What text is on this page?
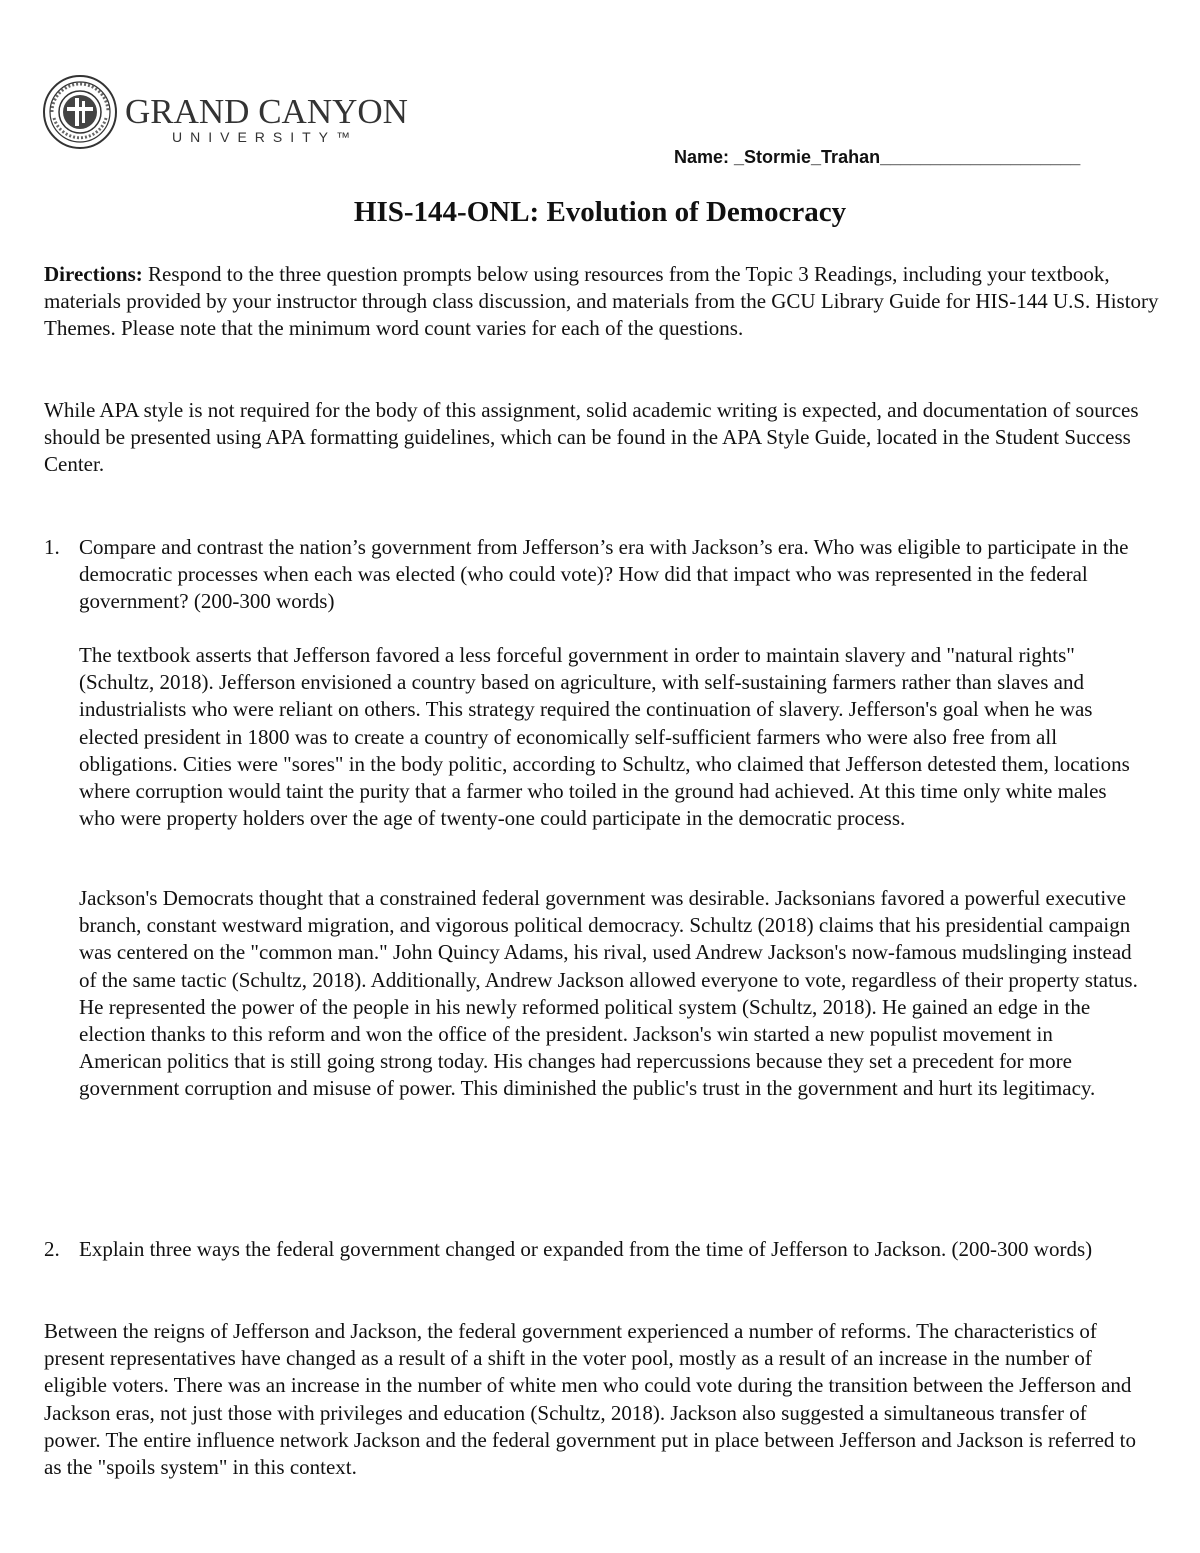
GRAND CANYON
UNIVERSITY™
Name: _Stormie_Trahan____________________
HIS-144-ONL: Evolution of Democracy

Directions: Respond to the three question prompts below using resources from the Topic 3 Readings, including your textbook, materials provided by your instructor through class discussion, and materials from the GCU Library Guide for HIS-144 U.S. History Themes. Please note that the minimum word count varies for each of the questions.

While APA style is not required for the body of this assignment, solid academic writing is expected, and documentation of sources should be presented using APA formatting guidelines, which can be found in the APA Style Guide, located in the Student Success Center.

1. Compare and contrast the nation’s government from Jefferson’s era with Jackson’s era. Who was eligible to participate in the democratic processes when each was elected (who could vote)? How did that impact who was represented in the federal government? (200-300 words)

The textbook asserts that Jefferson favored a less forceful government in order to maintain slavery and "natural rights" (Schultz, 2018). Jefferson envisioned a country based on agriculture, with self-sustaining farmers rather than slaves and industrialists who were reliant on others. This strategy required the continuation of slavery. Jefferson's goal when he was elected president in 1800 was to create a country of economically self-sufficient farmers who were also free from all obligations. Cities were "sores" in the body politic, according to Schultz, who claimed that Jefferson detested them, locations where corruption would taint the purity that a farmer who toiled in the ground had achieved. At this time only white males who were property holders over the age of twenty-one could participate in the democratic process.

Jackson's Democrats thought that a constrained federal government was desirable. Jacksonians favored a powerful executive branch, constant westward migration, and vigorous political democracy. Schultz (2018) claims that his presidential campaign was centered on the "common man." John Quincy Adams, his rival, used Andrew Jackson's now-famous mudslinging instead of the same tactic (Schultz, 2018). Additionally, Andrew Jackson allowed everyone to vote, regardless of their property status. He represented the power of the people in his newly reformed political system (Schultz, 2018). He gained an edge in the election thanks to this reform and won the office of the president. Jackson's win started a new populist movement in American politics that is still going strong today. His changes had repercussions because they set a precedent for more government corruption and misuse of power. This diminished the public's trust in the government and hurt its legitimacy.

2. Explain three ways the federal government changed or expanded from the time of Jefferson to Jackson. (200-300 words)

Between the reigns of Jefferson and Jackson, the federal government experienced a number of reforms. The characteristics of present representatives have changed as a result of a shift in the voter pool, mostly as a result of an increase in the number of eligible voters. There was an increase in the number of white men who could vote during the transition between the Jefferson and Jackson eras, not just those with privileges and education (Schultz, 2018). Jackson also suggested a simultaneous transfer of power. The entire influence network Jackson and the federal government put in place between Jefferson and Jackson is referred to as the "spoils system" in this context.
